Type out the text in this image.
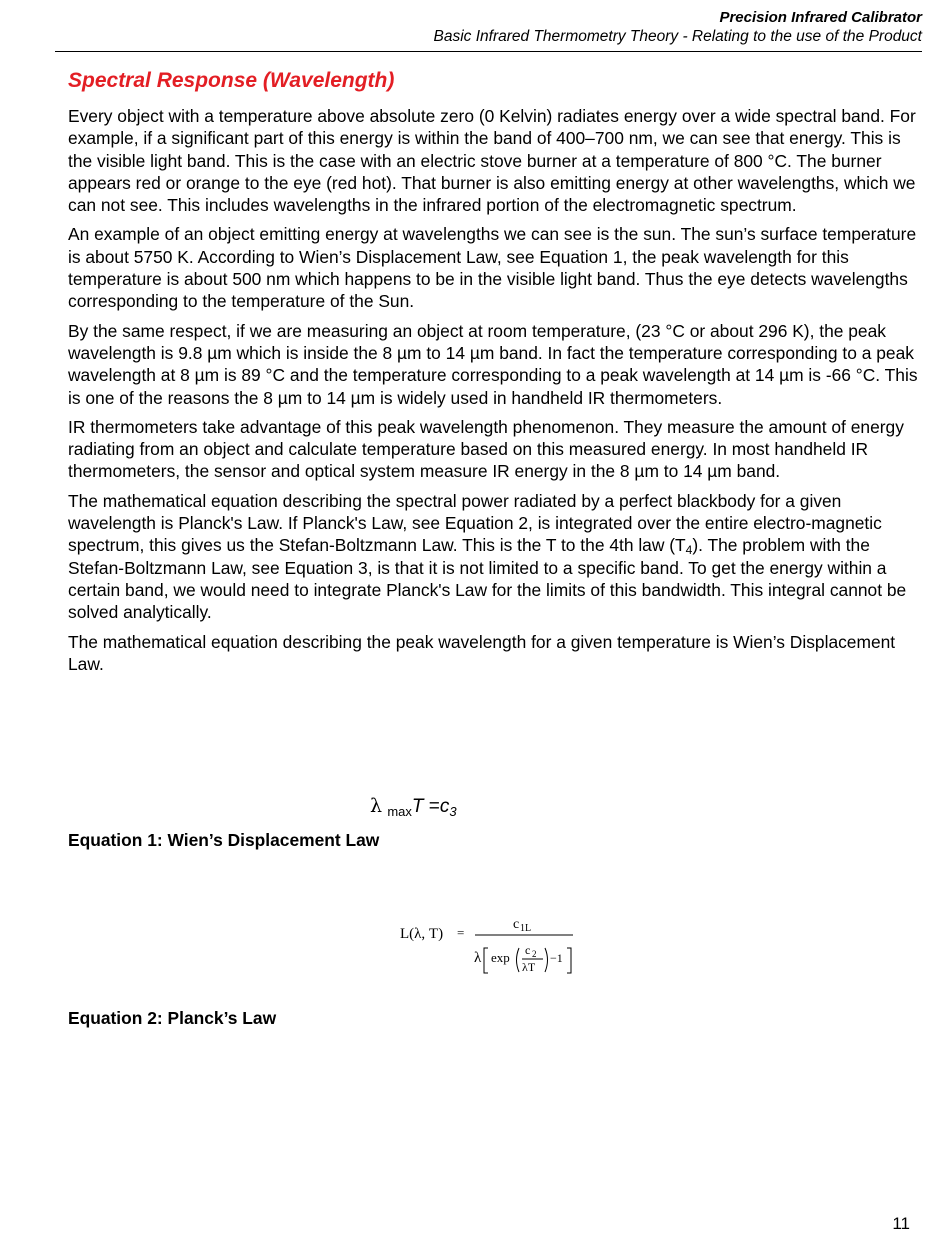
Precision Infrared Calibrator
Basic Infrared Thermometry Theory - Relating to the use of the Product
Spectral Response (Wavelength)

Every object with a temperature above absolute zero (0 Kelvin) radiates energy over a wide spectral band. For example, if a significant part of this energy is within the band of 400–700 nm, we can see that energy. This is the visible light band. This is the case with an electric stove burner at a temperature of 800 °C. The burner appears red or orange to the eye (red hot). That burner is also emitting energy at other wavelengths, which we can not see. This includes wavelengths in the infrared portion of the electromagnetic spectrum.

An example of an object emitting energy at wavelengths we can see is the sun. The sun’s surface temperature is about 5750 K. According to Wien’s Displacement Law, see Equation 1, the peak wavelength for this temperature is about 500 nm which happens to be in the visible light band. Thus the eye detects wavelengths corresponding to the temperature of the Sun.

By the same respect, if we are measuring an object at room temperature, (23 °C or about 296 K), the peak wavelength is 9.8 µm which is inside the 8 µm to 14 µm band. In fact the temperature corresponding to a peak wavelength at 8 µm is 89 °C and the temperature corresponding to a peak wavelength at 14 µm is -66 °C. This is one of the reasons the 8 µm to 14 µm is widely used in handheld IR thermometers.

IR thermometers take advantage of this peak wavelength phenomenon. They measure the amount of energy radiating from an object and calculate temperature based on this measured energy. In most handheld IR thermometers, the sensor and optical system measure IR energy in the 8 µm to 14 µm band.

The mathematical equation describing the spectral power radiated by a perfect blackbody for a given wavelength is Planck's Law. If Planck's Law, see Equation 2, is integrated over the entire electro-magnetic spectrum, this gives us the Stefan-Boltzmann Law. This is the T to the 4th law $(T_4)$. The problem with the Stefan-Boltzmann Law, see Equation 3, is that it is not limited to a specific band. To get the energy within a certain band, we would need to integrate Planck's Law for the limits of this bandwidth. This integral cannot be solved analytically.

The mathematical equation describing the peak wavelength for a given temperature is Wien’s Displacement Law.

λ $_{max}T =c_3$

Equation 1: Wien’s Displacement Law

L(λ, T) =
c 1L
λ exp c 2
λT
−1

Equation 2: Planck’s Law

11
